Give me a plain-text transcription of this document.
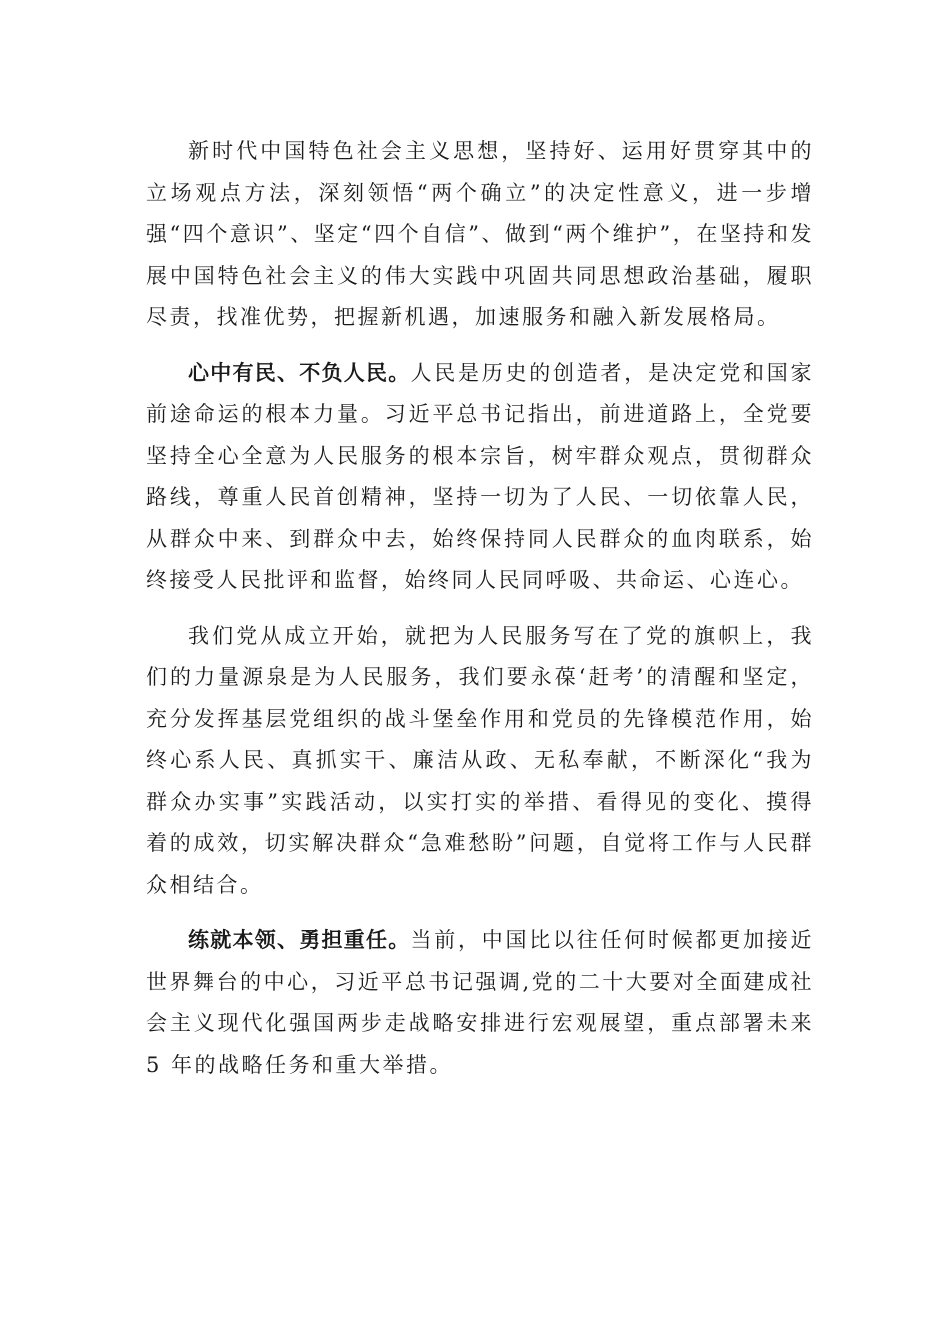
新时代中国特色社会主义思想，坚持好、运用好贯穿其中的立场观点方法，深刻领悟“两个确立”的决定性意义，进一步增强“四个意识”、坚定“四个自信”、做到“两个维护”，在坚持和发展中国特色社会主义的伟大实践中巩固共同思想政治基础，履职尽责，找准优势，把握新机遇，加速服务和融入新发展格局。

心中有民、不负人民。人民是历史的创造者，是决定党和国家前途命运的根本力量。习近平总书记指出，前进道路上，全党要坚持全心全意为人民服务的根本宗旨，树牢群众观点，贯彻群众路线，尊重人民首创精神，坚持一切为了人民、一切依靠人民，从群众中来、到群众中去，始终保持同人民群众的血肉联系，始终接受人民批评和监督，始终同人民同呼吸、共命运、心连心。

我们党从成立开始，就把为人民服务写在了党的旗帜上，我们的力量源泉是为人民服务，我们要永葆‘赶考’的清醒和坚定，充分发挥基层党组织的战斗堡垒作用和党员的先锋模范作用，始终心系人民、真抓实干、廉洁从政、无私奉献，不断深化“我为群众办实事”实践活动，以实打实的举措、看得见的变化、摸得着的成效，切实解决群众“急难愁盼”问题，自觉将工作与人民群众相结合。

练就本领、勇担重任。当前，中国比以往任何时候都更加接近世界舞台的中心，习近平总书记强调,党的二十大要对全面建成社会主义现代化强国两步走战略安排进行宏观展望，重点部署未来 5 年的战略任务和重大举措。
